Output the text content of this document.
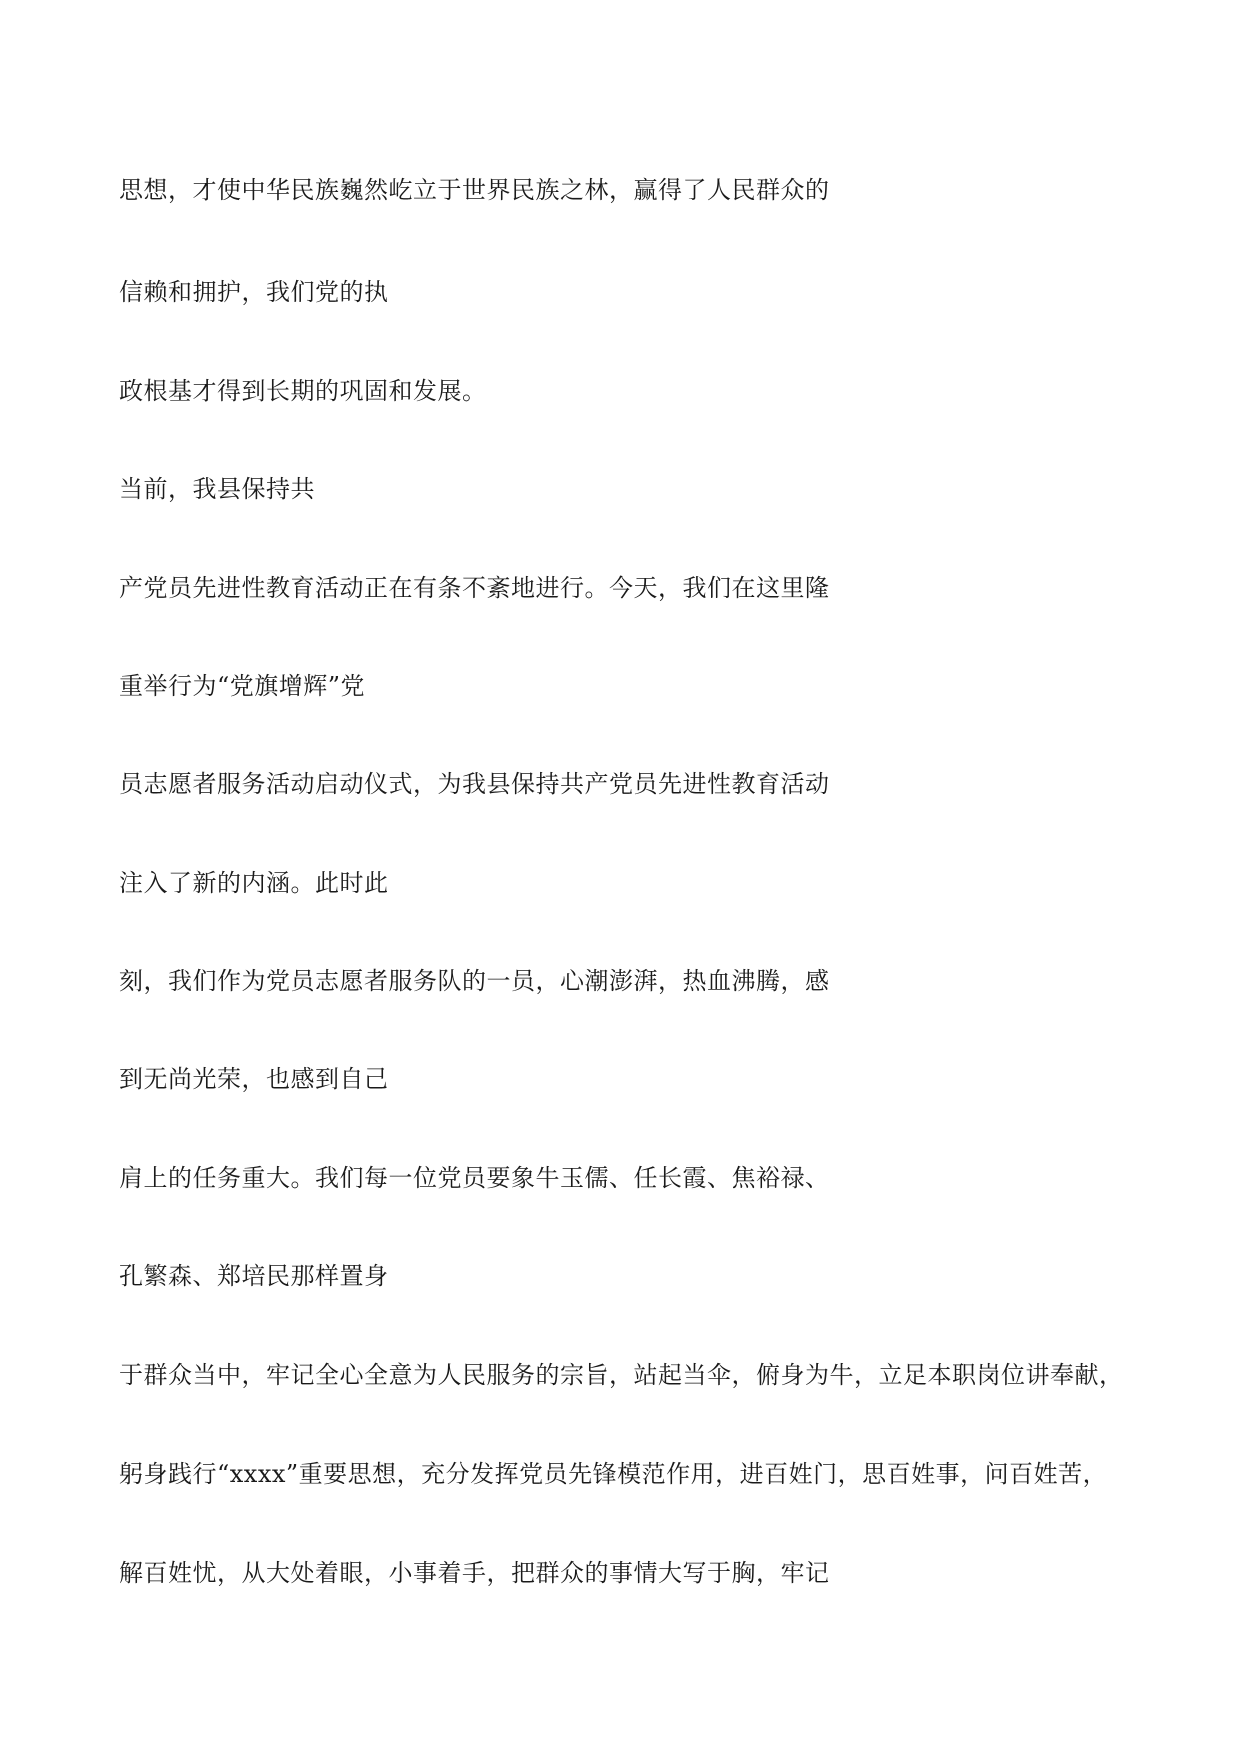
思想，才使中华民族巍然屹立于世界民族之林，赢得了人民群众的

信赖和拥护，我们党的执

政根基才得到长期的巩固和发展。

当前，我县保持共

产党员先进性教育活动正在有条不紊地进行。今天，我们在这里隆

重举行为“党旗增辉”党

员志愿者服务活动启动仪式，为我县保持共产党员先进性教育活动

注入了新的内涵。此时此

刻，我们作为党员志愿者服务队的一员，心潮澎湃，热血沸腾，感

到无尚光荣，也感到自己

肩上的任务重大。我们每一位党员要象牛玉儒、任长霞、焦裕禄、

孔繁森、郑培民那样置身

于群众当中，牢记全心全意为人民服务的宗旨，站起当伞，俯身为牛，立足本职岗位讲奉献，

躬身践行“xxxx”重要思想，充分发挥党员先锋模范作用，进百姓门，思百姓事，问百姓苦，

解百姓忧，从大处着眼，小事着手，把群众的事情大写于胸，牢记
